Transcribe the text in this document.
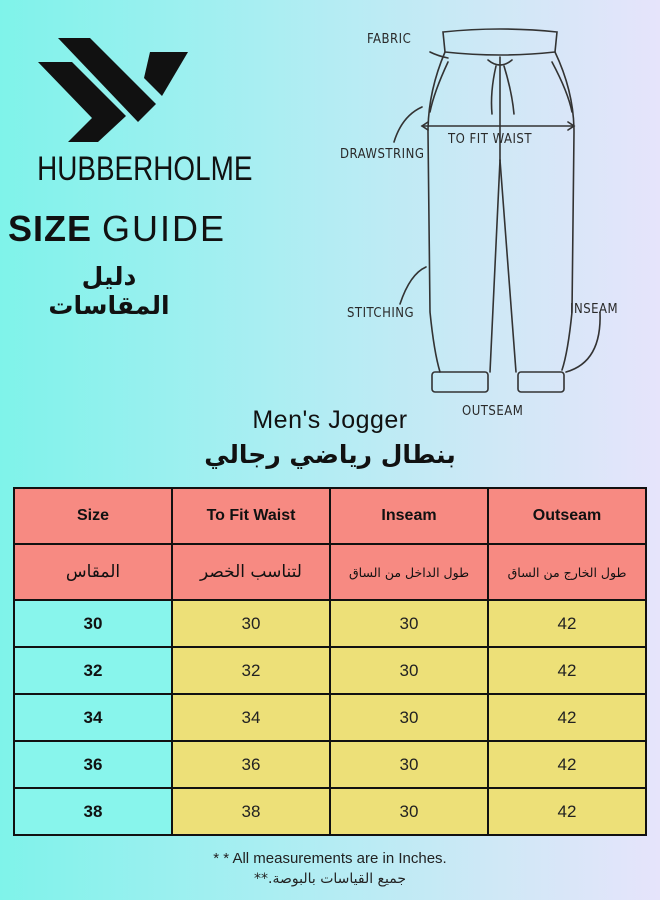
HUBBERHOLME
SIZE GUIDE
دليل المقاسات
FABRIC
DRAWSTRING
TO FIT WAIST
STITCHING	INSEAM
OUTSEAM
Men's Jogger
بنطال رياضي رجالي
Size	To Fit Waist	Inseam	Outseam
المقاس	لتناسب الخصر	طول الداخل من الساق	طول الخارج من الساق
30	30	30	42
32	32	30	42
34	34	30	42
36	36	30	42
38	38	30	42
* * All measurements are in Inches.
جميع القياسات بالبوصة.**
